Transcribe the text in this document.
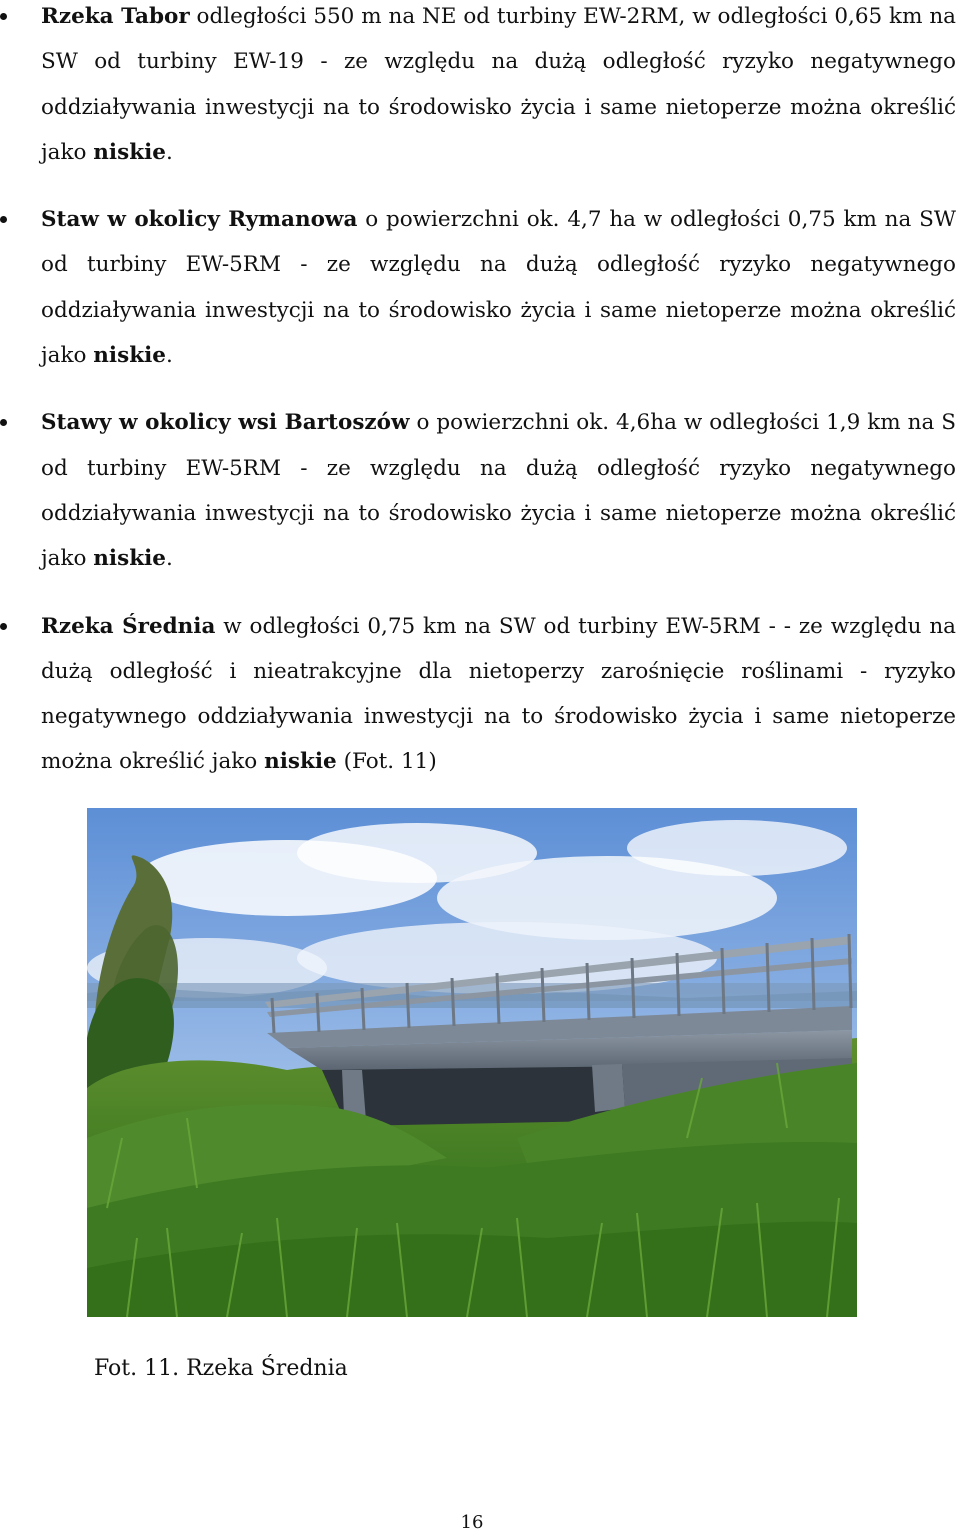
Rzeka Tabor odległości 550 m na NE od turbiny EW-2RM, w odległości 0,65 km na SW od turbiny EW-19 - ze względu na dużą odległość ryzyko negatywnego oddziaływania inwestycji na to środowisko życia i same nietoperze można określić jako niskie.
Staw w okolicy Rymanowa o powierzchni ok. 4,7 ha w odległości 0,75 km na SW od turbiny EW-5RM - ze względu na dużą odległość ryzyko negatywnego oddziaływania inwestycji na to środowisko życia i same nietoperze można określić jako niskie.
Stawy w okolicy wsi Bartoszów o powierzchni ok. 4,6ha w odległości 1,9 km na S od turbiny EW-5RM - ze względu na dużą odległość ryzyko negatywnego oddziaływania inwestycji na to środowisko życia i same nietoperze można określić jako niskie.
Rzeka Średnia w odległości 0,75 km na SW od turbiny EW-5RM - - ze względu na dużą odległość i nieatrakcyjne dla nietoperzy zarośnięcie roślinami - ryzyko negatywnego oddziaływania inwestycji na to środowisko życia i same nietoperze można określić jako niskie (Fot. 11)
Fot. 11. Rzeka Średnia
16
